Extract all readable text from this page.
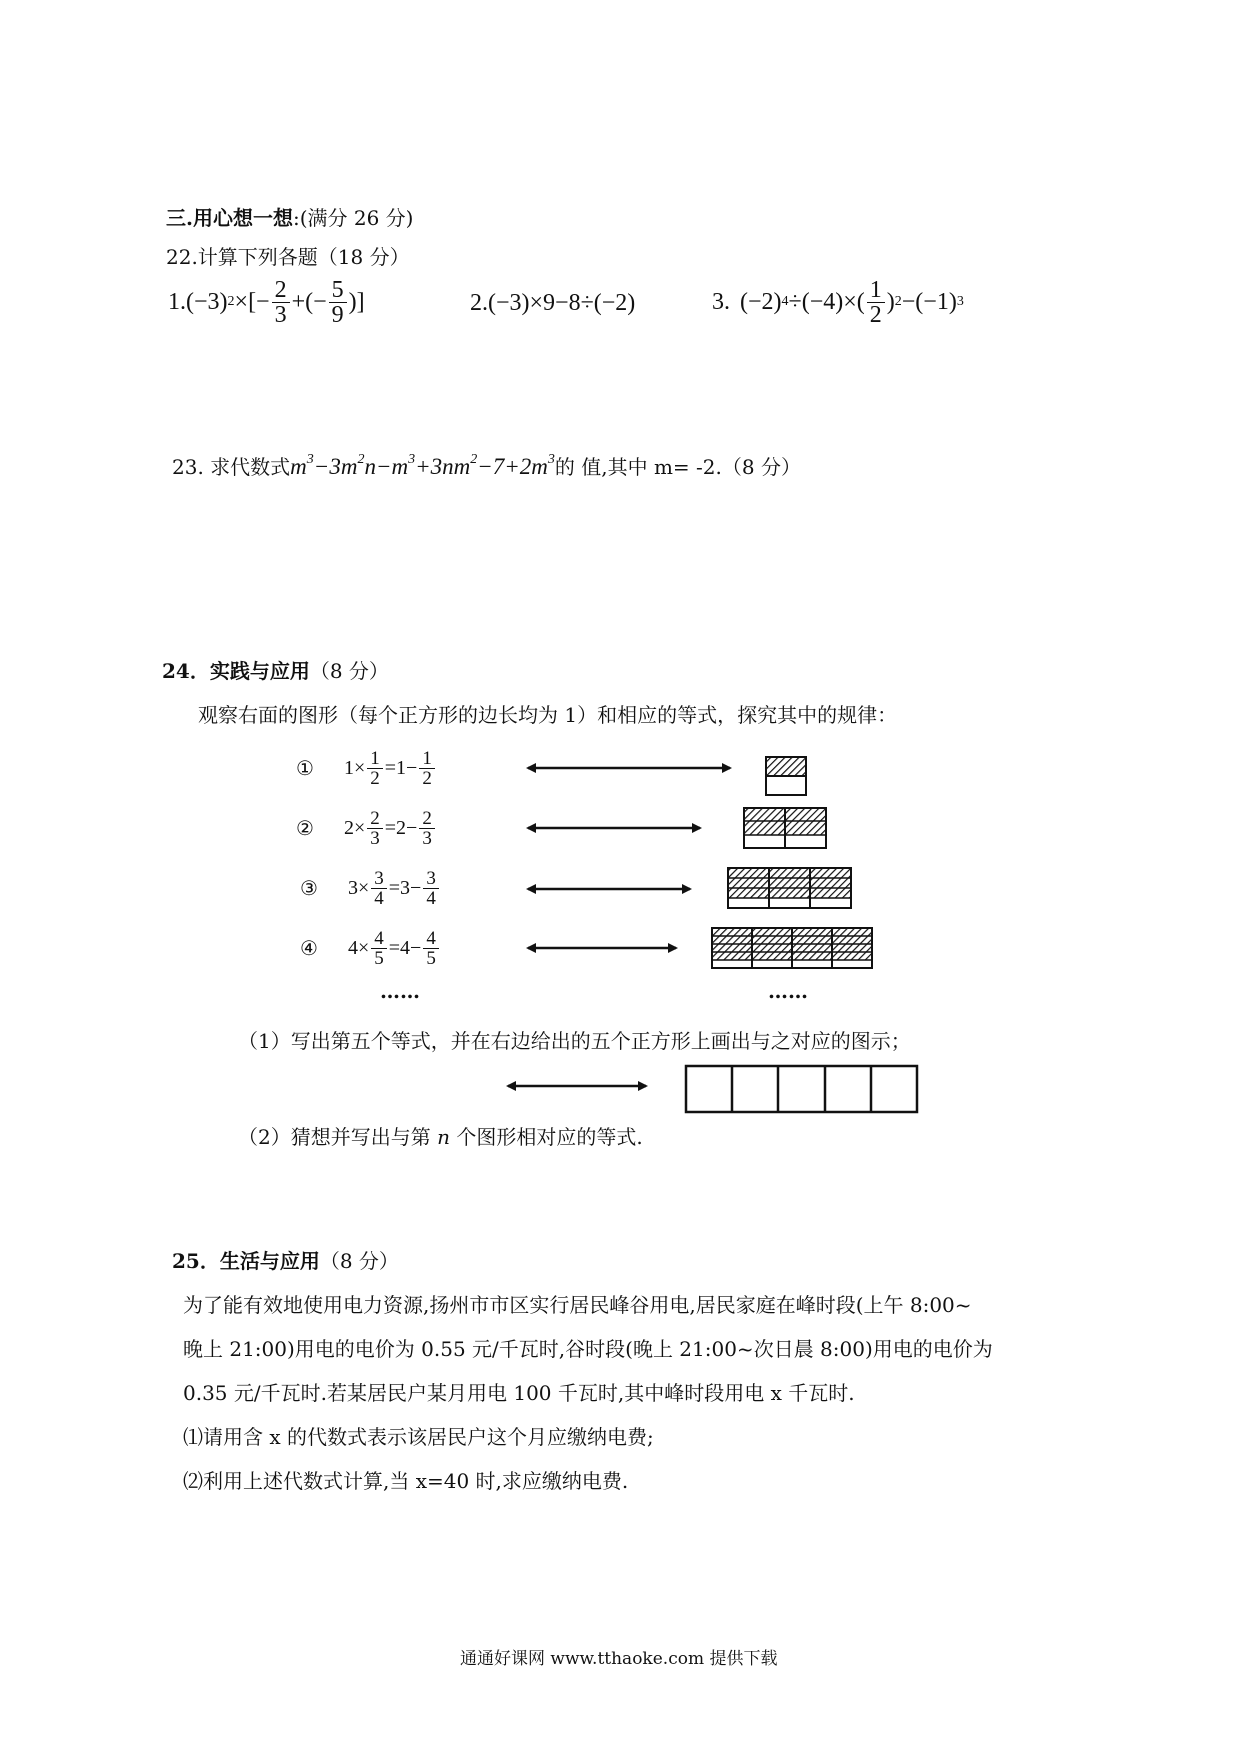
三.用心想一想:(满分 26 分)
22.计算下列各题（18 分）
1. (−3) 2 ×[− $\frac{2}{3}$ +(− $\frac{5}{9}$ )]	2.(−3)×9−8÷(−2)	3. (−2) $4 \div(-4)\times( \frac{1}{2}$ ) 2 −(−1) 3
23. 求代数式 $m^3-3m^2n-m^3+3nm^2-7+2m^3$ 的 值,其中 m= -2.（8 分）
24．实践与应用（8 分）
观察右面的图形（每个正方形的边长均为 1）和相应的等式，探究其中的规律：
①	$1 \times \frac{1}{2} =1- \frac{1}{2}$
②	$2 \times \frac{2}{3} =2- \frac{2}{3}$
③	$3 \times \frac{3}{4} =3- \frac{3}{4}$
④	$4 \times \frac{4}{5} =4- \frac{4}{5}$
……	……
（1）写出第五个等式，并在右边给出的五个正方形上画出与之对应的图示；
（2）猜想并写出与第 n 个图形相对应的等式.
25．生活与应用（8 分）
为了能有效地使用电力资源,扬州市市区实行居民峰谷用电,居民家庭在峰时段(上午 8:00~
晚上 21:00)用电的电价为 0.55 元/千瓦时,谷时段(晚上 21:00~次日晨 8:00)用电的电价为
0.35 元/千瓦时.若某居民户某月用电 100 千瓦时,其中峰时段用电 x 千瓦时.
⑴请用含 x 的代数式表示该居民户这个月应缴纳电费;
⑵利用上述代数式计算,当 x=40 时,求应缴纳电费.
通通好课网 www.tthaoke.com 提供下载
